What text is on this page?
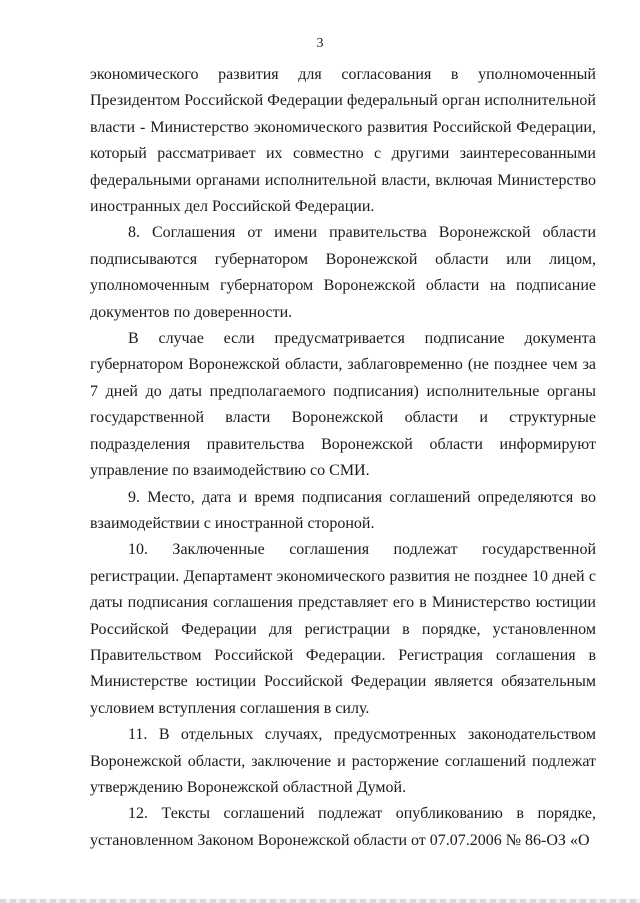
3

экономического развития для согласования в уполномоченный Президентом Российской Федерации федеральный орган исполнительной власти - Министерство экономического развития Российской Федерации, который рассматривает их совместно с другими заинтересованными федеральными органами исполнительной власти, включая Министерство иностранных дел Российской Федерации.

8. Соглашения от имени правительства Воронежской области подписываются губернатором Воронежской области или лицом, уполномоченным губернатором Воронежской области на подписание документов по доверенности.

В случае если предусматривается подписание документа губернатором Воронежской области, заблаговременно (не позднее чем за 7 дней до даты предполагаемого подписания) исполнительные органы государственной власти Воронежской области и структурные подразделения правительства Воронежской области информируют управление по взаимодействию со СМИ.

9. Место, дата и время подписания соглашений определяются во взаимодействии с иностранной стороной.

10. Заключенные соглашения подлежат государственной регистрации. Департамент экономического развития не позднее 10 дней с даты подписания соглашения представляет его в Министерство юстиции Российской Федерации для регистрации в порядке, установленном Правительством Российской Федерации. Регистрация соглашения в Министерстве юстиции Российской Федерации является обязательным условием вступления соглашения в силу.

11. В отдельных случаях, предусмотренных законодательством Воронежской области, заключение и расторжение соглашений подлежат утверждению Воронежской областной Думой.

12. Тексты соглашений подлежат опубликованию в порядке, установленном Законом Воронежской области от 07.07.2006 № 86-ОЗ «О
